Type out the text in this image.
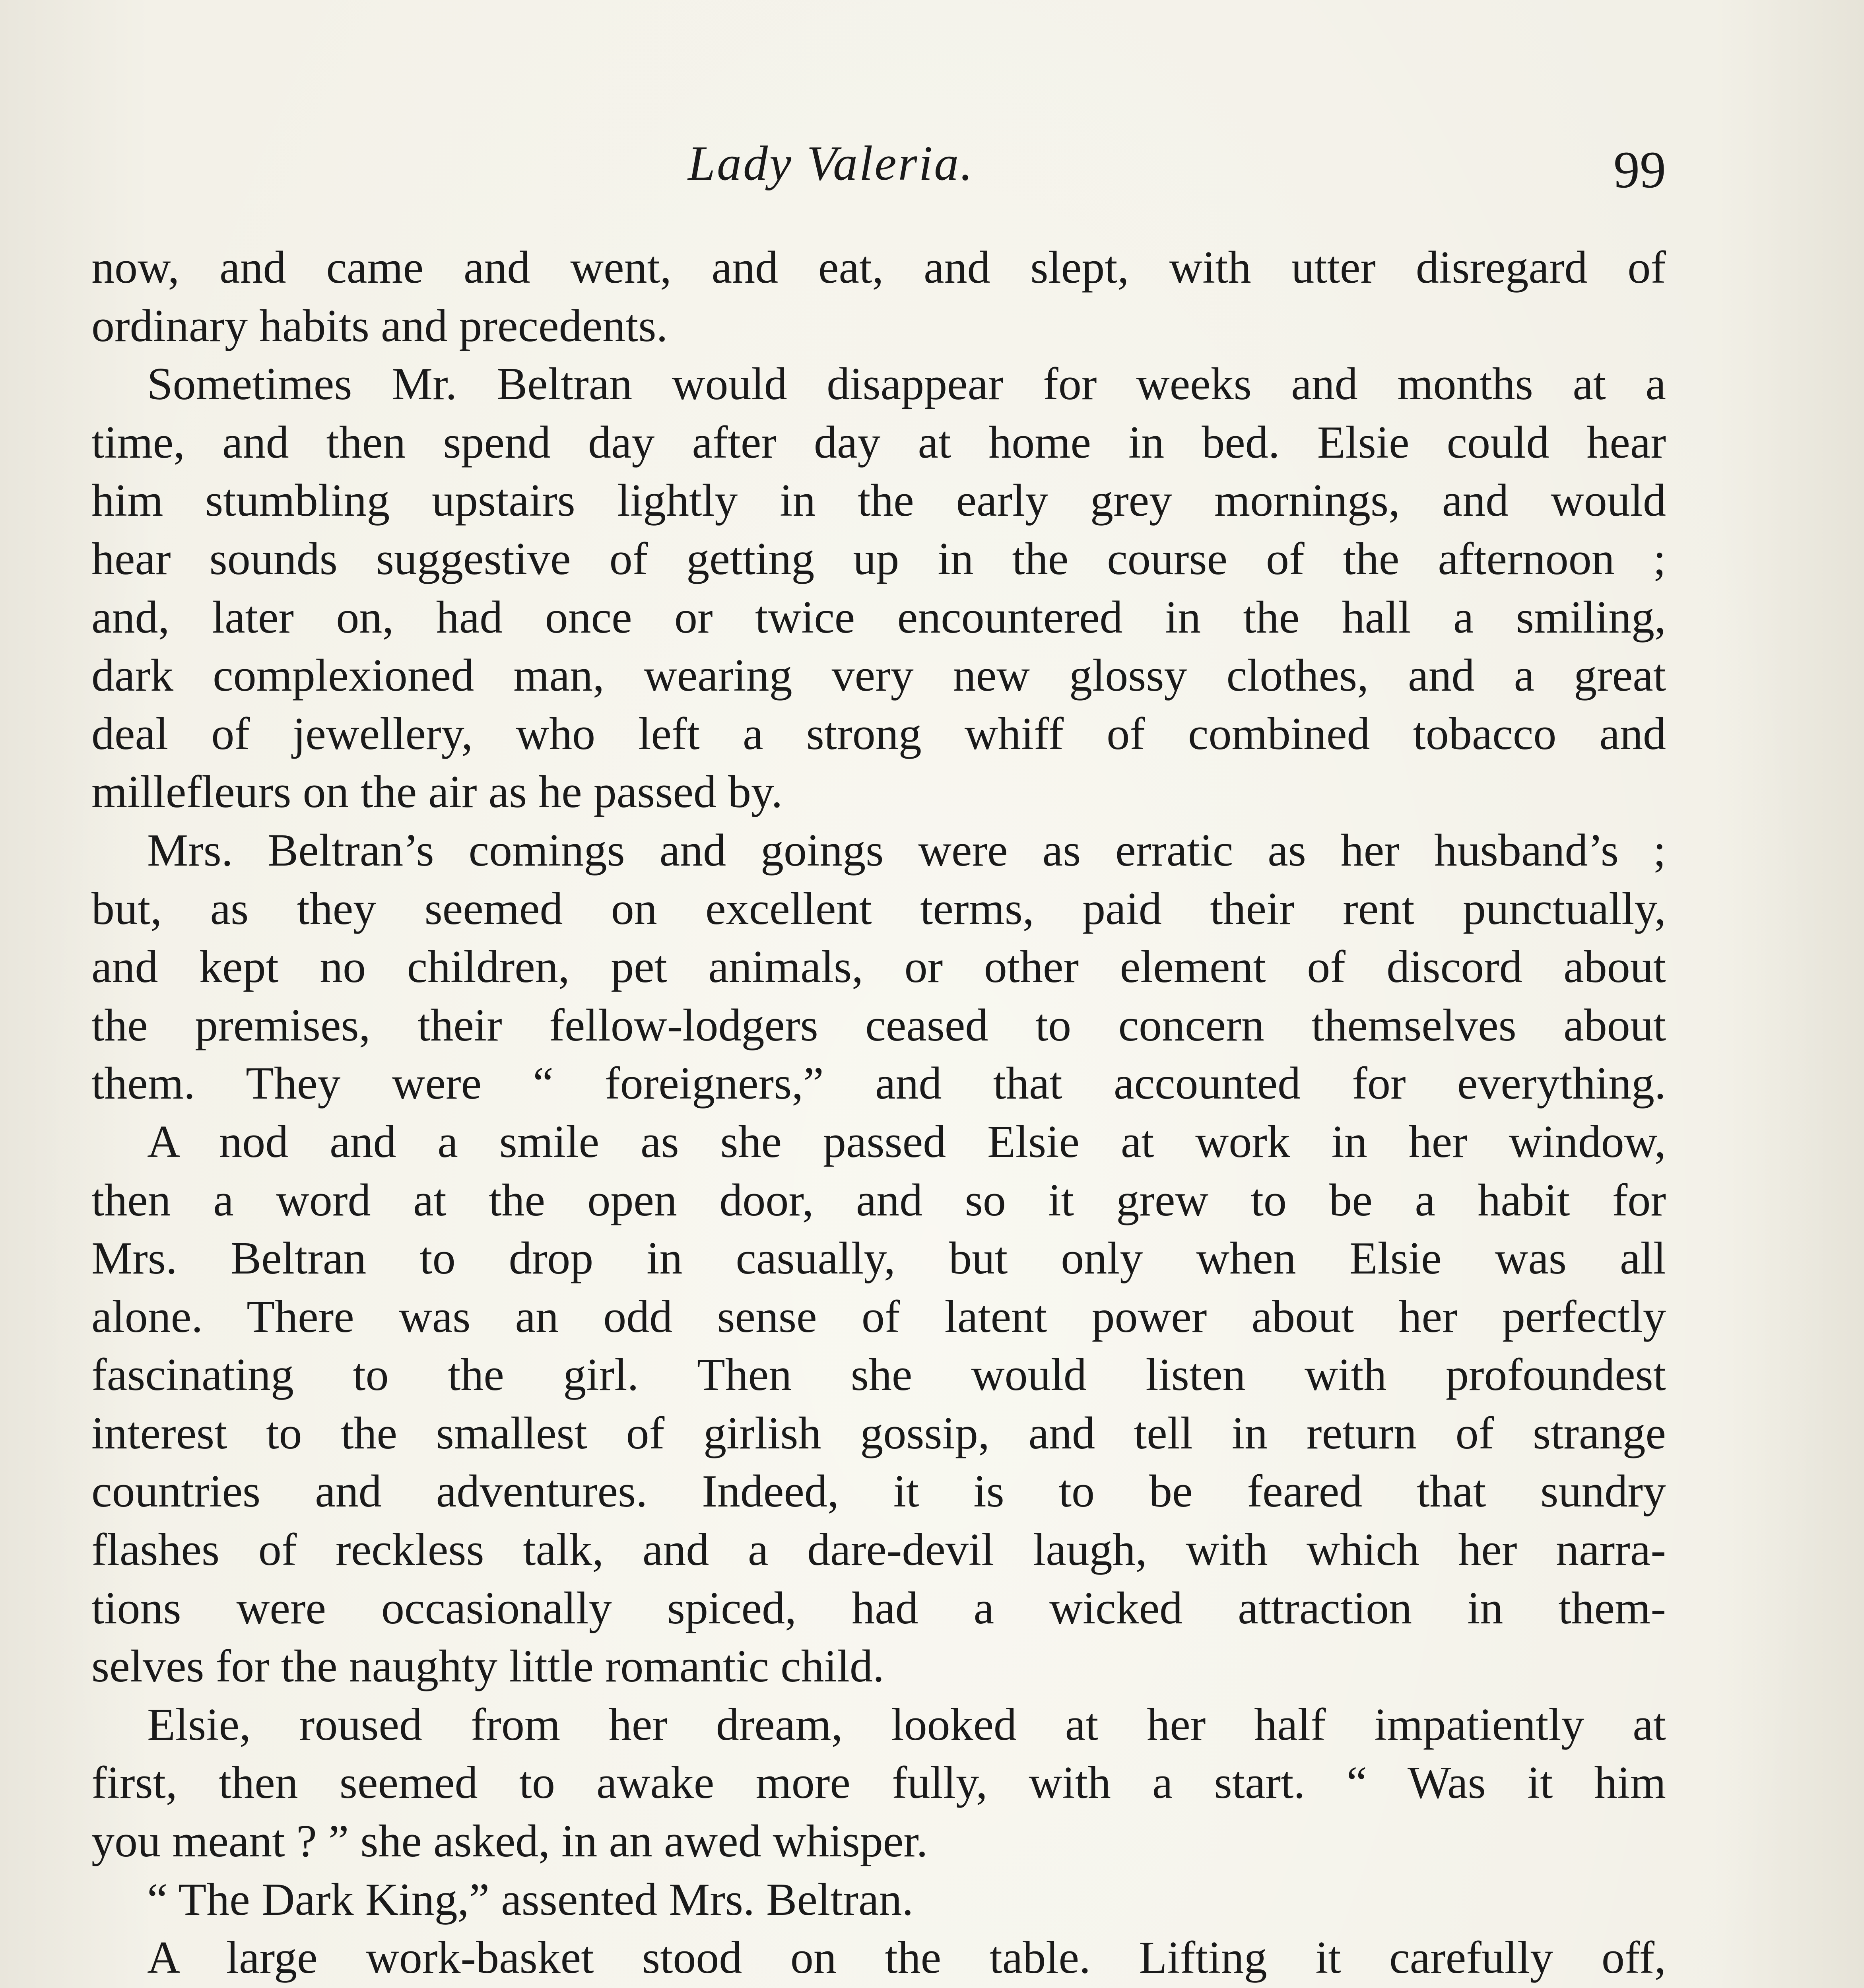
Lady Valeria.	99
now, and came and went, and eat, and slept, with utter disregard of
ordinary habits and precedents.
Sometimes Mr. Beltran would disappear for weeks and months at a
time, and then spend day after day at home in bed. Elsie could hear
him stumbling upstairs lightly in the early grey mornings, and would
hear sounds suggestive of getting up in the course of the afternoon ;
and, later on, had once or twice encountered in the hall a smiling,
dark complexioned man, wearing very new glossy clothes, and a great
deal of jewellery, who left a strong whiff of combined tobacco and
millefleurs on the air as he passed by.
Mrs. Beltran’s comings and goings were as erratic as her husband’s ;
but, as they seemed on excellent terms, paid their rent punctually,
and kept no children, pet animals, or other element of discord about
the premises, their fellow-lodgers ceased to concern themselves about
them. They were “ foreigners,” and that accounted for everything.
A nod and a smile as she passed Elsie at work in her window,
then a word at the open door, and so it grew to be a habit for
Mrs. Beltran to drop in casually, but only when Elsie was all
alone. There was an odd sense of latent power about her perfectly
fascinating to the girl. Then she would listen with profoundest
interest to the smallest of girlish gossip, and tell in return of strange
countries and adventures. Indeed, it is to be feared that sundry
flashes of reckless talk, and a dare-devil laugh, with which her narra-
tions were occasionally spiced, had a wicked attraction in them-
selves for the naughty little romantic child.
Elsie, roused from her dream, looked at her half impatiently at
first, then seemed to awake more fully, with a start. “ Was it him
you meant ? ” she asked, in an awed whisper.
“ The Dark King,” assented Mrs. Beltran.
A large work-basket stood on the table. Lifting it carefully off,
